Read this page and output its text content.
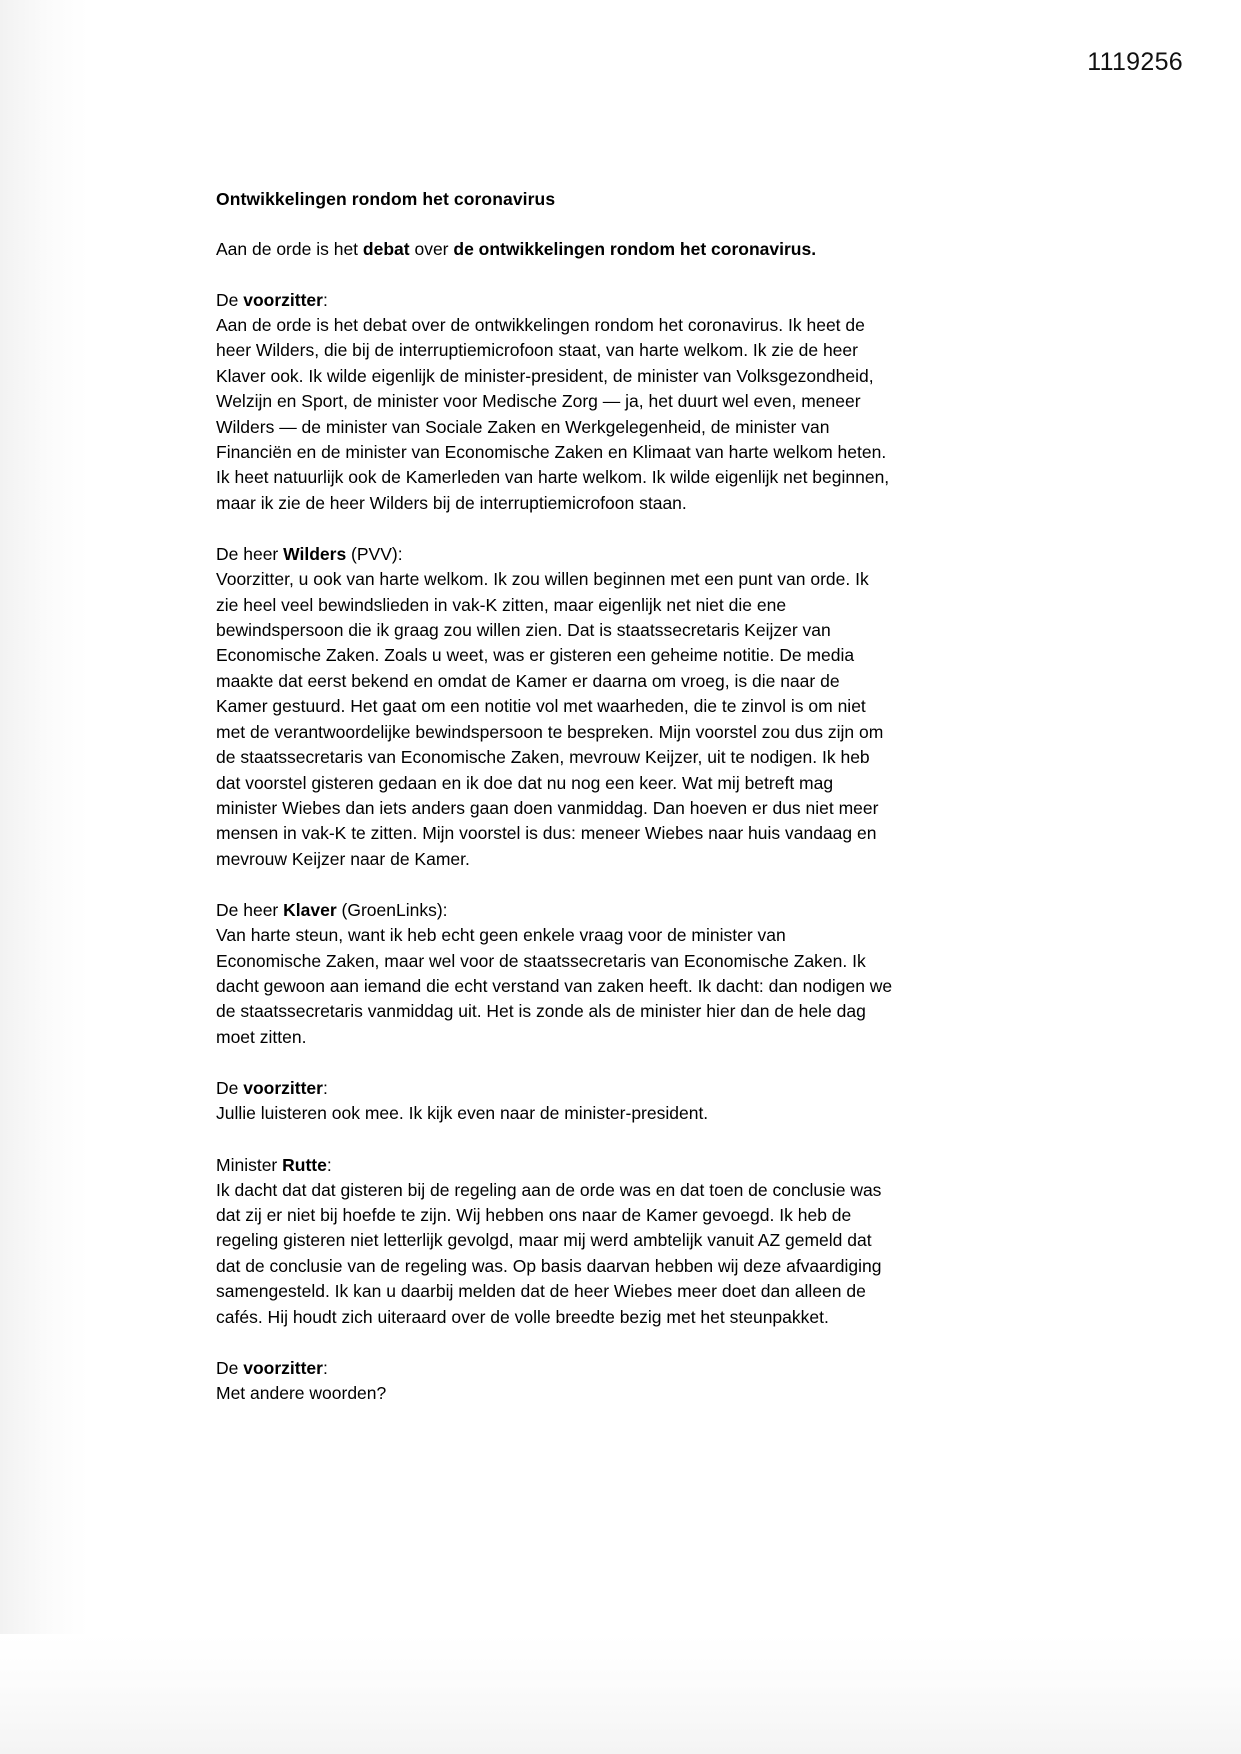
1119256

Ontwikkelingen rondom het coronavirus

Aan de orde is het debat over de ontwikkelingen rondom het coronavirus.

De voorzitter:

Aan de orde is het debat over de ontwikkelingen rondom het coronavirus. Ik heet de heer Wilders, die bij de interruptiemicrofoon staat, van harte welkom. Ik zie de heer Klaver ook. Ik wilde eigenlijk de minister-president, de minister van Volksgezondheid, Welzijn en Sport, de minister voor Medische Zorg — ja, het duurt wel even, meneer Wilders — de minister van Sociale Zaken en Werkgelegenheid, de minister van Financiën en de minister van Economische Zaken en Klimaat van harte welkom heten. Ik heet natuurlijk ook de Kamerleden van harte welkom. Ik wilde eigenlijk net beginnen, maar ik zie de heer Wilders bij de interruptiemicrofoon staan.

De heer Wilders (PVV):

Voorzitter, u ook van harte welkom. Ik zou willen beginnen met een punt van orde. Ik zie heel veel bewindslieden in vak-K zitten, maar eigenlijk net niet die ene bewindspersoon die ik graag zou willen zien. Dat is staatssecretaris Keijzer van Economische Zaken. Zoals u weet, was er gisteren een geheime notitie. De media maakte dat eerst bekend en omdat de Kamer er daarna om vroeg, is die naar de Kamer gestuurd. Het gaat om een notitie vol met waarheden, die te zinvol is om niet met de verantwoordelijke bewindspersoon te bespreken. Mijn voorstel zou dus zijn om de staatssecretaris van Economische Zaken, mevrouw Keijzer, uit te nodigen. Ik heb dat voorstel gisteren gedaan en ik doe dat nu nog een keer. Wat mij betreft mag minister Wiebes dan iets anders gaan doen vanmiddag. Dan hoeven er dus niet meer mensen in vak-K te zitten. Mijn voorstel is dus: meneer Wiebes naar huis vandaag en mevrouw Keijzer naar de Kamer.

De heer Klaver (GroenLinks):

Van harte steun, want ik heb echt geen enkele vraag voor de minister van Economische Zaken, maar wel voor de staatssecretaris van Economische Zaken. Ik dacht gewoon aan iemand die echt verstand van zaken heeft. Ik dacht: dan nodigen we de staatssecretaris vanmiddag uit. Het is zonde als de minister hier dan de hele dag moet zitten.

De voorzitter:

Jullie luisteren ook mee. Ik kijk even naar de minister-president.

Minister Rutte:

Ik dacht dat dat gisteren bij de regeling aan de orde was en dat toen de conclusie was dat zij er niet bij hoefde te zijn. Wij hebben ons naar de Kamer gevoegd. Ik heb de regeling gisteren niet letterlijk gevolgd, maar mij werd ambtelijk vanuit AZ gemeld dat dat de conclusie van de regeling was. Op basis daarvan hebben wij deze afvaardiging samengesteld. Ik kan u daarbij melden dat de heer Wiebes meer doet dan alleen de cafés. Hij houdt zich uiteraard over de volle breedte bezig met het steunpakket.

De voorzitter:

Met andere woorden?
